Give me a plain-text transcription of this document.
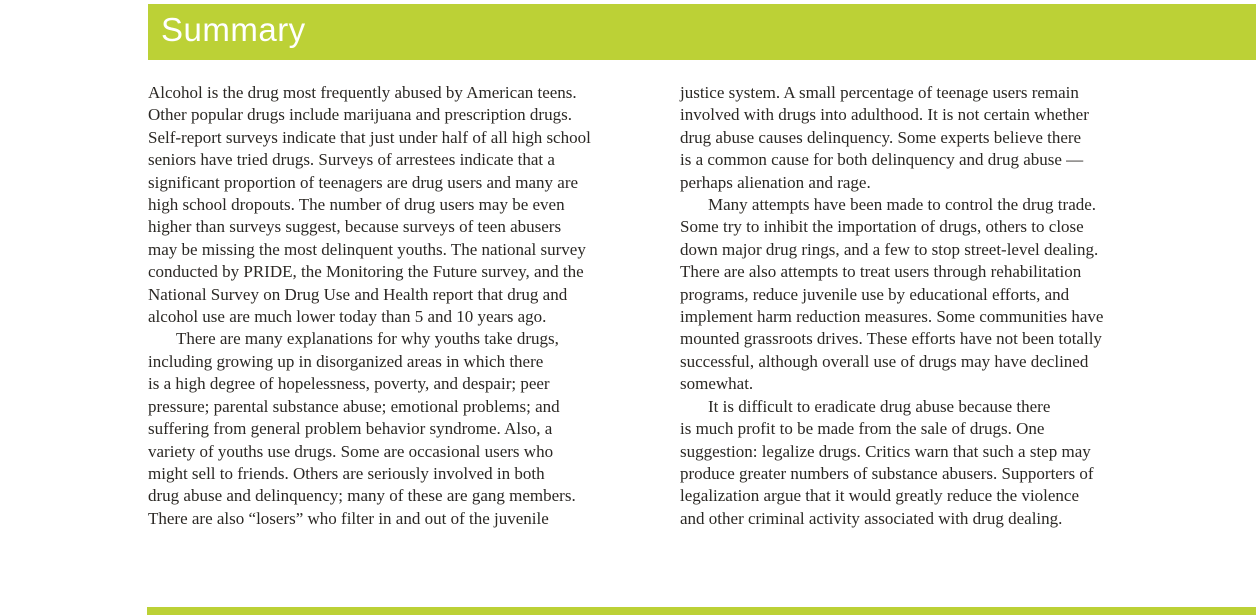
Summary
Alcohol is the drug most frequently abused by American teens.
Other popular drugs include marijuana and prescription drugs.
Self-report surveys indicate that just under half of all high school
seniors have tried drugs. Surveys of arrestees indicate that a
significant proportion of teenagers are drug users and many are
high school dropouts. The number of drug users may be even
higher than surveys suggest, because surveys of teen abusers
may be missing the most delinquent youths. The national survey
conducted by PRIDE, the Monitoring the Future survey, and the
National Survey on Drug Use and Health report that drug and
alcohol use are much lower today than 5 and 10 years ago.
There are many explanations for why youths take drugs,
including growing up in disorganized areas in which there
is a high degree of hopelessness, poverty, and despair; peer
pressure; parental substance abuse; emotional problems; and
suffering from general problem behavior syndrome. Also, a
variety of youths use drugs. Some are occasional users who
might sell to friends. Others are seriously involved in both
drug abuse and delinquency; many of these are gang members.
There are also “losers” who filter in and out of the juvenile
justice system. A small percentage of teenage users remain
involved with drugs into adulthood. It is not certain whether
drug abuse causes delinquency. Some experts believe there
is a common cause for both delinquency and drug abuse —
perhaps alienation and rage.
Many attempts have been made to control the drug trade.
Some try to inhibit the importation of drugs, others to close
down major drug rings, and a few to stop street-level dealing.
There are also attempts to treat users through rehabilitation
programs, reduce juvenile use by educational efforts, and
implement harm reduction measures. Some communities have
mounted grassroots drives. These efforts have not been totally
successful, although overall use of drugs may have declined
somewhat.
It is difficult to eradicate drug abuse because there
is much profit to be made from the sale of drugs. One
suggestion: legalize drugs. Critics warn that such a step may
produce greater numbers of substance abusers. Supporters of
legalization argue that it would greatly reduce the violence
and other criminal activity associated with drug dealing.
